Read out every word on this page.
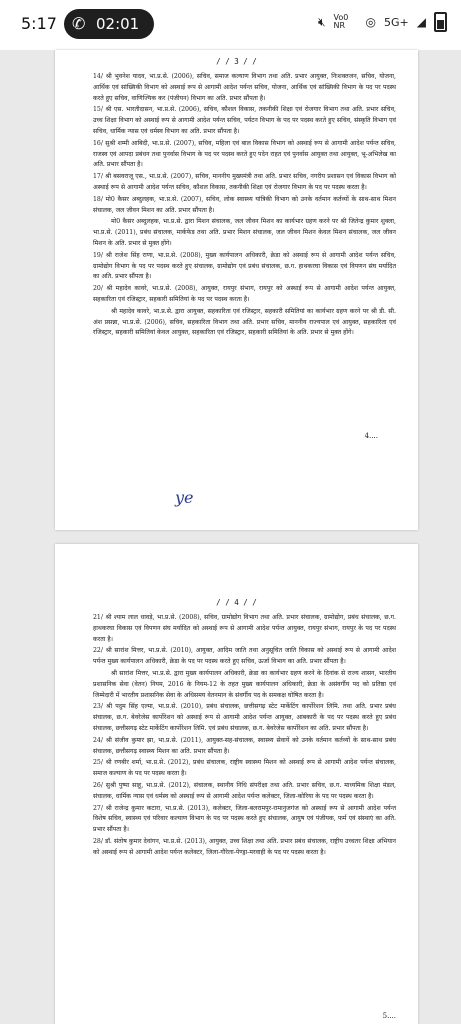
5:17 ✆ 02:01	🔇︎ Vo0 NR	◎ 5G+ ◢
/ / 3 / /

14/ श्री भुवनेश यादव, भा.प्र.से. (2006), सचिव, समाज कल्याण विभाग तथा अति. प्रभार आयुक्त, निःशक्तजन, सचिव, योजना, आर्थिक एवं सांख्यिकी विभाग को अस्थाई रूप से आगामी आदेश पर्यन्त सचिव, योजना, आर्थिक एवं सांख्यिकी विभाग के पद पर पदस्थ करते हुए सचिव, वाणिज्यिक कर (पंजीयन) विभाग का अति. प्रभार सौंपता है।

15/ श्री एस. भारतीदासन, भा.प्र.से. (2006), सचिव, कौशल विकास, तकनीकी शिक्षा एवं रोजगार विभाग तथा अति. प्रभार सचिव, उच्च शिक्षा विभाग को अस्थाई रूप से आगामी आदेश पर्यन्त सचिव, पर्यटन विभाग के पद पर पदस्थ करते हुए सचिव, संस्कृति विभाग एवं सचिव, धार्मिक न्यास एवं धर्मस्व विभाग का अति. प्रभार सौंपता है।

16/ सुश्री शम्मी आबिदी, भा.प्र.से. (2007), सचिव, महिला एवं बाल विकास विभाग को अस्थाई रूप से आगामी आदेश पर्यन्त सचिव, राजस्व एवं आपदा प्रबंधन तथा पुनर्वास विभाग के पद पर पदस्थ करते हुए पदेन राहत एवं पुनर्वास आयुक्त तथा आयुक्त, भू-अभिलेख का अति. प्रभार सौंपता है।

17/ श्री बसवराजू एस., भा.प्र.से. (2007), सचिव, माननीय मुख्यमंत्री तथा अति. प्रभार सचिव, नगरीय प्रशासन एवं विकास विभाग को अस्थाई रूप से आगामी आदेश पर्यन्त सचिव, कौशल विकास, तकनीकी शिक्षा एवं रोजगार विभाग के पद पर पदस्थ करता है।

18/ मो0 कैसर अब्दुलहक, भा.प्र.से. (2007), सचिव, लोक स्वास्थ्य यांत्रिकी विभाग को उनके वर्तमान कर्तव्यों के साथ-साथ मिशन संचालक, जल जीवन मिशन का अति. प्रभार सौंपता है।

मो0 कैसर अब्दुलहक, भा.प्र.से. द्वारा मिशन संचालक, जल जीवन मिशन का कार्यभार ग्रहण करने पर श्री जितेन्द्र कुमार शुक्ला, भा.प्र.से. (2011), प्रबंध संचालक, मार्कफेड तथा अति. प्रभार मिशन संचालक, जल जीवन मिशन केवल मिशन संचालक, जल जीवन मिशन के अति. प्रभार से मुक्त होंगे।

19/ श्री राजेश सिंह राणा, भा.प्र.से. (2008), मुख्य कार्यपालन अधिकारी, क्रेडा को अस्थाई रूप से आगामी आदेश पर्यन्त सचिव, ग्रामोद्योग विभाग के पद पर पदस्थ करते हुए संचालक, ग्रामोद्योग एवं प्रबंध संचालक, छ.ग. हाथकरघा विकास एवं विपणन संघ मर्यादित का अति. प्रभार सौंपता है।

20/ श्री महादेव कावरे, भा.प्र.से. (2008), आयुक्त, रायपुर संभाग, रायपुर को अस्थाई रूप से आगामी आदेश पर्यन्त आयुक्त, सहकारिता एवं रजिस्ट्रार, सहकारी समितियां के पद पर पदस्थ करता है।

श्री महादेव कावरे, भा.प्र.से. द्वारा आयुक्त, सहकारिता एवं रजिस्ट्रार, सहकारी समितियां का कार्यभार ग्रहण करने पर श्री डी. सी. अंश प्रसन्ना, भा.प्र.से. (2006), सचिव, सहकारिता विभाग तथा अति. प्रभार सचिव, माननीय राज्यपाल एवं आयुक्त, सहकारिता एवं रजिस्ट्रार, सहकारी समितियां केवल आयुक्त, सहकारिता एवं रजिस्ट्रार, सहकारी समितियां के अति. प्रभार से मुक्त होंगे।

ye
4....
/ / 4 / /

21/ श्री श्याम लाल धावड़े, भा.प्र.से. (2008), सचिव, ग्रामोद्योग विभाग तथा अति. प्रभार संचालक, ग्रामोद्योग, प्रबंध संचालक, छ.ग. हाथकरघा विकास एवं विपणन संघ मर्यादित को अस्थाई रूप से आगामी आदेश पर्यन्त आयुक्त, रायपुर संभाग, रायपुर के पद पर पदस्थ करता है।

22/ श्री सारांश मित्तर, भा.प्र.से. (2010), आयुक्त, आदिम जाति तथा अनुसूचित जाति विकास को अस्थाई रूप से आगामी आदेश पर्यन्त मुख्य कार्यपालन अधिकारी, क्रेडा के पद पर पदस्थ करते हुए सचिव, ऊर्जा विभाग का अति. प्रभार सौंपता है।

श्री सारांश मित्तर, भा.प्र.से. द्वारा मुख्य कार्यपालन अधिकारी, क्रेडा का कार्यभार ग्रहण करने के दिनांक से राज्य शासन, भारतीय प्रशासनिक सेवा (वेतन) नियम, 2016 के नियम-12 के तहत मुख्य कार्यपालन अधिकारी, क्रेडा के असंवर्गीय पद को प्रतिष्ठा एवं जिम्मेदारी में भारतीय प्रशासनिक सेवा के अधिसमय वेतनमान के संवर्गीय पद के समकक्ष घोषित करता है।

23/ श्री पदुम सिंह एल्मा, भा.प्र.से. (2010), प्रबंध संचालक, छत्तीसगढ़ स्टेट मार्केटिंग कार्पोरेशन लिमि. तथा अति. प्रभार प्रबंध संचालक, छ.ग. बेवरेजेस कार्पोरेशन को अस्थाई रूप से आगामी आदेश पर्यन्त आयुक्त, आबकारी के पद पर पदस्थ करते हुए प्रबंध संचालक, छत्तीसगढ़ स्टेट मार्केटिंग कार्पोरेशन लिमि. एवं प्रबंध संचालक, छ.ग. बेवरेजेस कार्पोरेशन का अति. प्रभार सौंपता है।

24/ श्री संजीव कुमार झा, भा.प्र.से. (2011), आयुक्त-सह-संचालक, स्वास्थ्य सेवायें को उनके वर्तमान कर्तव्यों के साथ-साथ प्रबंध संचालक, छत्तीसगढ़ स्वास्थ्य मिशन का अति. प्रभार सौंपता है।

25/ श्री रणबीर शर्मा, भा.प्र.से. (2012), प्रबंध संचालक, राष्ट्रीय स्वास्थ्य मिशन को अस्थाई रूप से आगामी आदेश पर्यन्त संचालक, समाज कल्याण के पद पर पदस्थ करता है।

26/ सुश्री पुष्पा साहू, भा.प्र.से. (2012), संचालक, स्थानीय निधि संपरीक्षा तथा अति. प्रभार सचिव, छ.ग. माध्यमिक शिक्षा मंडल, संचालक, धार्मिक न्यास एवं धर्मस्व को अस्थाई रूप से आगामी आदेश पर्यन्त कलेक्टर, जिला-कोरिया के पद पर पदस्थ करता है।

27/ श्री राजेन्द्र कुमार कटारा, भा.प्र.से. (2013), कलेक्टर, जिला-बलरामपुर-रामानुजगंज को अस्थाई रूप से आगामी आदेश पर्यन्त विशेष सचिव, स्वास्थ्य एवं परिवार कल्याण विभाग के पद पर पदस्थ करते हुए संचालक, आयुष एवं पंजीयक, फर्म एवं संस्थाएं का अति. प्रभार सौंपता है।

28/ डॉ. संतोष कुमार देवांगन, भा.प्र.से. (2013), आयुक्त, उच्च शिक्षा तथा अति. प्रभार प्रबंध संचालक, राष्ट्रीय उच्चतर शिक्षा अभियान को अस्थाई रूप से आगामी आदेश पर्यन्त कलेक्टर, जिला-गौरेला-पेण्ड्रा-मरवाही के पद पर पदस्थ करता है।

5....
